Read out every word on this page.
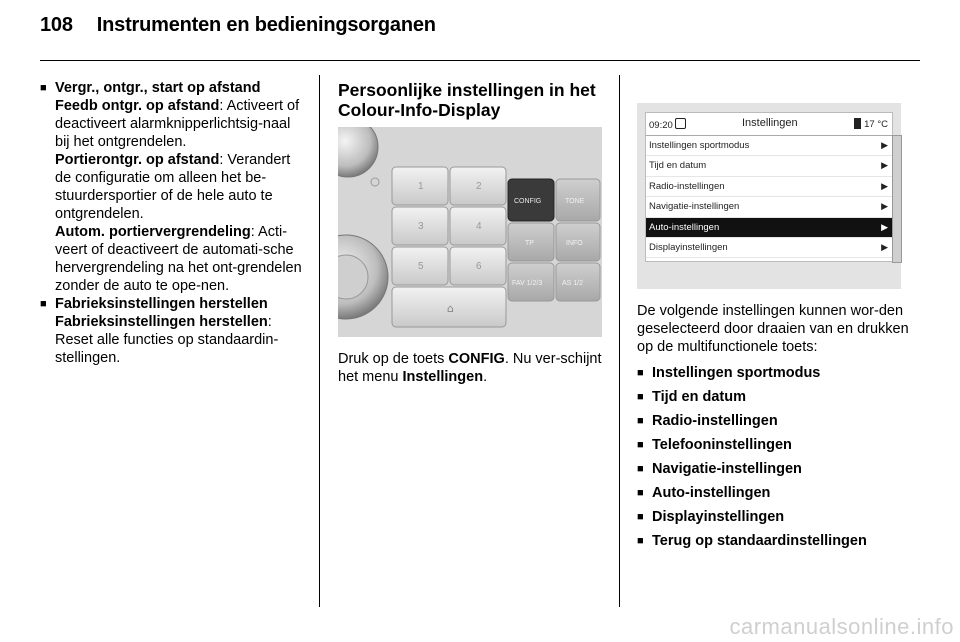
108 Instrumenten en bedieningsorganen

■ Vergr., ontgr., start op afstand

Feedb ontgr. op afstand: Activeert of deactiveert alarmknipperlichtsig-naal bij het ontgrendelen.

Portierontgr. op afstand: Verandert de configuratie om alleen het be-stuurdersportier of de hele auto te ontgrendelen.

Autom. portiervergrendeling: Acti-veert of deactiveert de automati-sche hervergrendeling na het ont-grendelen zonder de auto te ope-nen.

■ Fabrieksinstellingen herstellen

Fabrieksinstellingen herstellen: Reset alle functies op standaardin-stellingen.

Persoonlijke instellingen in het Colour-Info-Display

⌂
1	2
3	4
5	6
CONFIG	TONE
TP	INFO
FAV 1/2/3	AS 1/2

Druk op de toets CONFIG. Nu ver-schijnt het menu Instellingen.

09:20	Instellingen	17 °C
Instellingen sportmodus	▶
Tijd en datum	▶
Radio-instellingen	▶
Navigatie-instellingen	▶
Auto-instellingen	▶
Displayinstellingen	▶

De volgende instellingen kunnen wor-den geselecteerd door draaien van en drukken op de multifunctionele toets:

■ Instellingen sportmodus

■ Tijd en datum

■ Radio-instellingen

■ Telefooninstellingen

■ Navigatie-instellingen

■ Auto-instellingen

■ Displayinstellingen

■ Terug op standaardinstellingen

carmanualsonline.info
